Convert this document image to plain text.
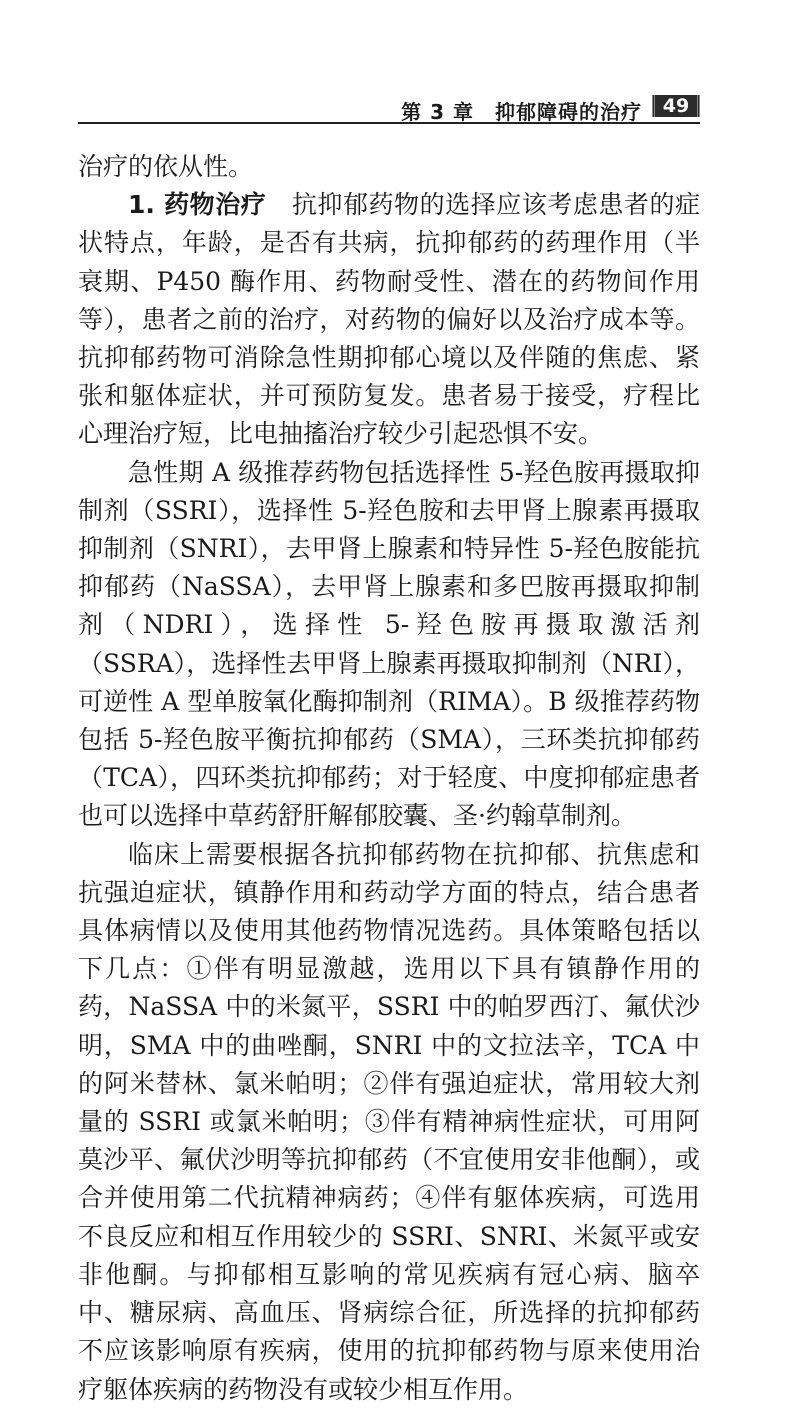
第 3 章　抑郁障碍的治疗	49

治疗的依从性。

1. 药物治疗　抗抑郁药物的选择应该考虑患者的症状特点，年龄，是否有共病，抗抑郁药的药理作用（半衰期、P450 酶作用、药物耐受性、潜在的药物间作用等），患者之前的治疗，对药物的偏好以及治疗成本等。抗抑郁药物可消除急性期抑郁心境以及伴随的焦虑、紧张和躯体症状，并可预防复发。患者易于接受，疗程比心理治疗短，比电抽搐治疗较少引起恐惧不安。

急性期 A 级推荐药物包括选择性 5-羟色胺再摄取抑制剂（SSRI），选择性 5-羟色胺和去甲肾上腺素再摄取抑制剂（SNRI），去甲肾上腺素和特异性 5-羟色胺能抗抑郁药（NaSSA），去甲肾上腺素和多巴胺再摄取抑制剂（NDRI），选择性 5-羟色胺再摄取激活剂（SSRA），选择性去甲肾上腺素再摄取抑制剂（NRI），可逆性 A 型单胺氧化酶抑制剂（RIMA）。B 级推荐药物包括 5-羟色胺平衡抗抑郁药（SMA），三环类抗抑郁药（TCA），四环类抗抑郁药；对于轻度、中度抑郁症患者也可以选择中草药舒肝解郁胶囊、圣·约翰草制剂。

临床上需要根据各抗抑郁药物在抗抑郁、抗焦虑和抗强迫症状，镇静作用和药动学方面的特点，结合患者具体病情以及使用其他药物情况选药。具体策略包括以下几点：①伴有明显激越，选用以下具有镇静作用的药，NaSSA 中的米氮平，SSRI 中的帕罗西汀、氟伏沙明，SMA 中的曲唑酮，SNRI 中的文拉法辛，TCA 中的阿米替林、氯米帕明；②伴有强迫症状，常用较大剂量的 SSRI 或氯米帕明；③伴有精神病性症状，可用阿莫沙平、氟伏沙明等抗抑郁药（不宜使用安非他酮），或合并使用第二代抗精神病药；④伴有躯体疾病，可选用不良反应和相互作用较少的 SSRI、SNRI、米氮平或安非他酮。与抑郁相互影响的常见疾病有冠心病、脑卒中、糖尿病、高血压、肾病综合征，所选择的抗抑郁药不应该影响原有疾病，使用的抗抑郁药物与原来使用治疗躯体疾病的药物没有或较少相互作用。
